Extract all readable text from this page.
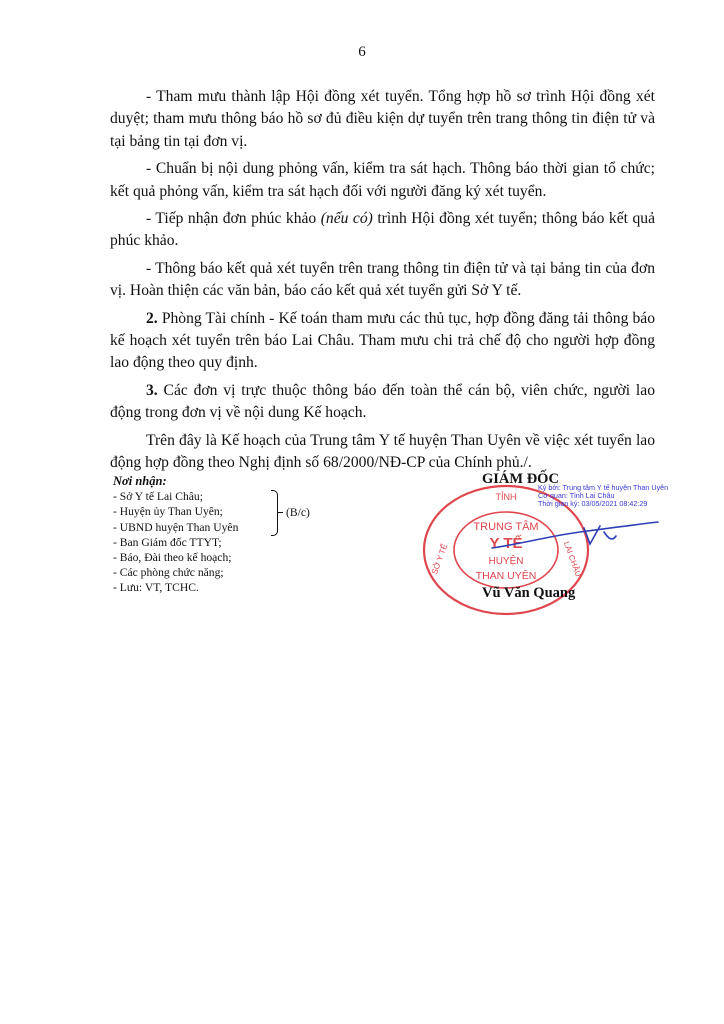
6

- Tham mưu thành lập Hội đồng xét tuyển. Tổng hợp hồ sơ trình Hội đồng xét duyệt; tham mưu thông báo hồ sơ đủ điều kiện dự tuyển trên trang thông tin điện tử và tại bảng tin tại đơn vị.

- Chuẩn bị nội dung phỏng vấn, kiểm tra sát hạch. Thông báo thời gian tổ chức; kết quả phỏng vấn, kiểm tra sát hạch đối với người đăng ký xét tuyển.

- Tiếp nhận đơn phúc khảo (nếu có) trình Hội đồng xét tuyển; thông báo kết quả phúc khảo.

- Thông báo kết quả xét tuyển trên trang thông tin điện tử và tại bảng tin của đơn vị. Hoàn thiện các văn bản, báo cáo kết quả xét tuyển gửi Sở Y tế.

2. Phòng Tài chính - Kế toán tham mưu các thủ tục, hợp đồng đăng tải thông báo kế hoạch xét tuyển trên báo Lai Châu. Tham mưu chi trả chế độ cho người hợp đồng lao động theo quy định.

3. Các đơn vị trực thuộc thông báo đến toàn thể cán bộ, viên chức, người lao động trong đơn vị về nội dung Kế hoạch.

Trên đây là Kế hoạch của Trung tâm Y tế huyện Than Uyên về việc xét tuyển lao động hợp đồng theo Nghị định số 68/2000/NĐ-CP của Chính phủ./.

Nơi nhận:
- Sở Y tế Lai Châu;
- Huyện ủy Than Uyên;
- UBND huyện Than Uyên
- Ban Giám đốc TTYT;
- Báo, Đài theo kế hoạch;
- Các phòng chức năng;
- Lưu: VT, TCHC.
(B/c)
TỈNH
SỞ Y TẾ	LAI CHÂU
TRUNG TÂM
Y TẾ
HUYỆN
THAN UYÊN
GIÁM ĐỐC
Ký bởi: Trung tâm Y tế huyện Than Uyên
Cơ quan: Tỉnh Lai Châu
Thời gian ký: 03/05/2021 08:42:29
Vũ Văn Quang
